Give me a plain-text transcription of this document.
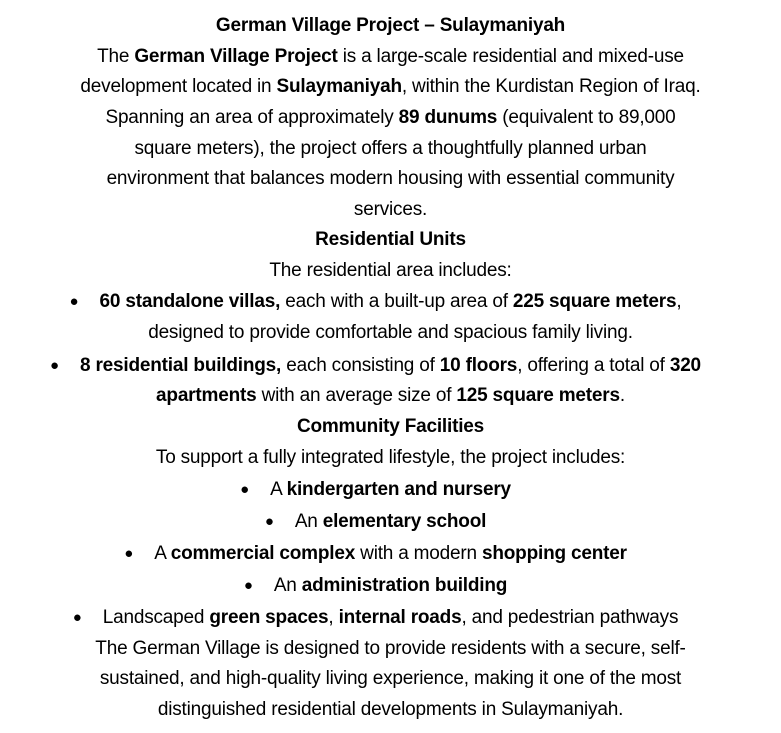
German Village Project – Sulaymaniyah
The German Village Project is a large-scale residential and mixed-use
development located in Sulaymaniyah, within the Kurdistan Region of Iraq.
Spanning an area of approximately 89 dunums (equivalent to 89,000
square meters), the project offers a thoughtfully planned urban
environment that balances modern housing with essential community
services.
Residential Units
The residential area includes:
60 standalone villas, each with a built-up area of 225 square meters,
designed to provide comfortable and spacious family living.
●
8 residential buildings, each consisting of 10 floors, offering a total of 320
apartments with an average size of 125 square meters.
●
Community Facilities
To support a fully integrated lifestyle, the project includes:
A kindergarten and nursery
●
An elementary school
●
A commercial complex with a modern shopping center
●
An administration building
●
Landscaped green spaces, internal roads, and pedestrian pathways
●
The German Village is designed to provide residents with a secure, self-
sustained, and high-quality living experience, making it one of the most
distinguished residential developments in Sulaymaniyah.
